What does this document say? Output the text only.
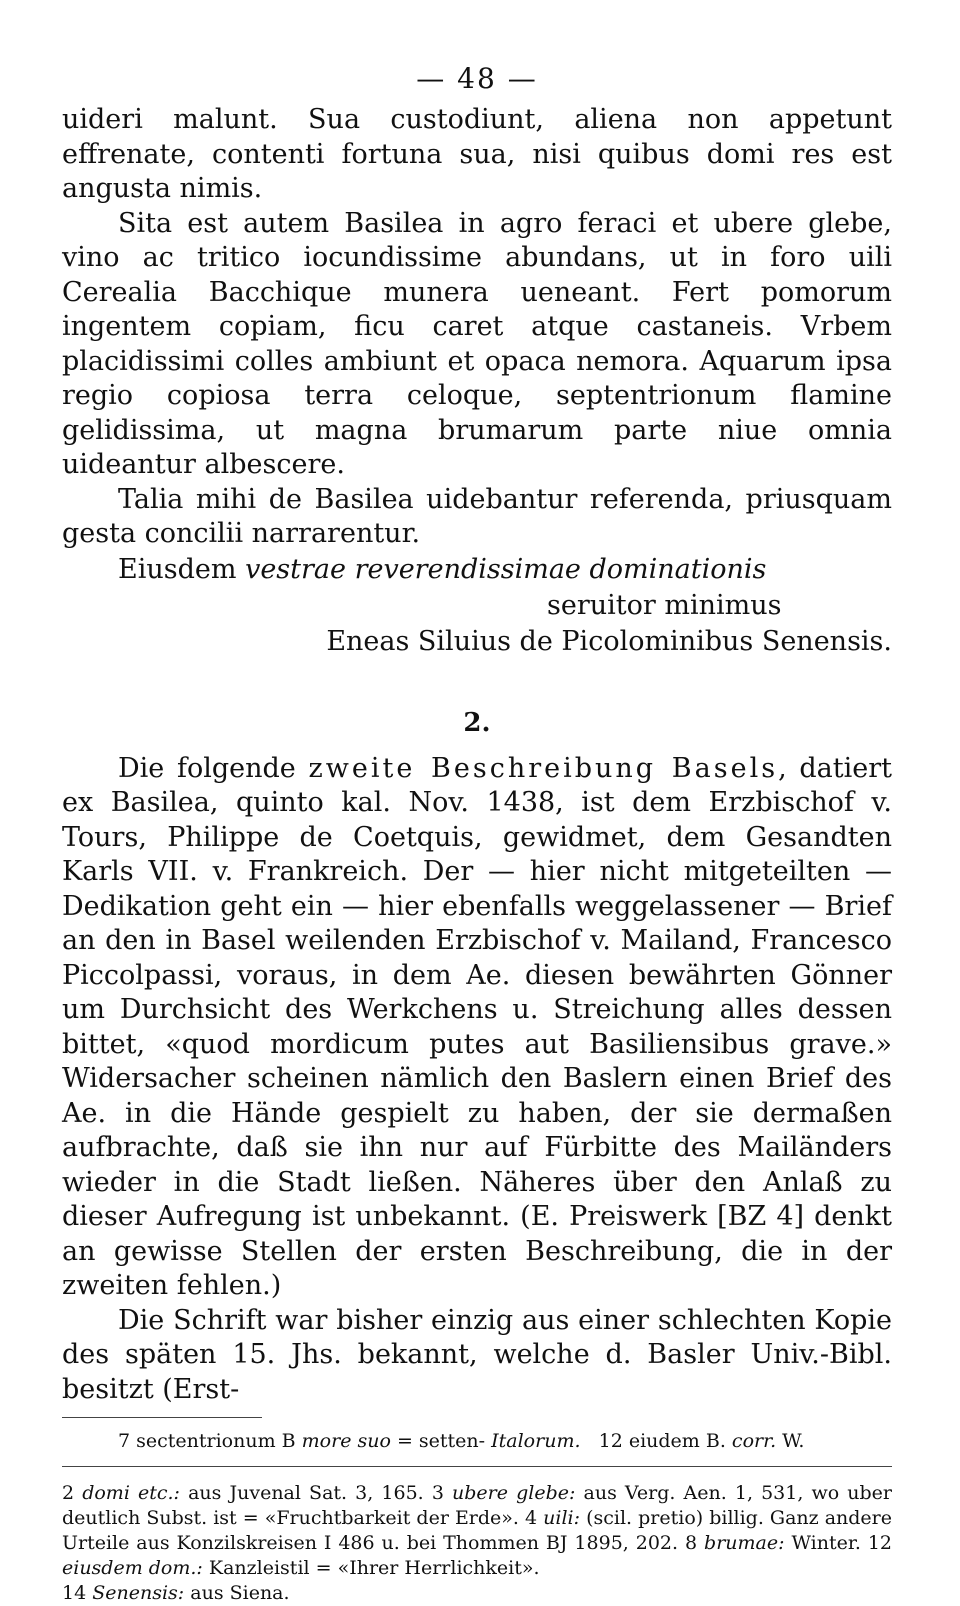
— 48 —

uideri malunt. Sua custodiunt, aliena non appetunt effrenate, contenti fortuna sua, nisi quibus domi res est angusta nimis.

Sita est autem Basilea in agro feraci et ubere glebe, vino ac tritico iocundissime abundans, ut in foro uili Cerealia Bacchique munera ueneant. Fert pomorum ingentem copiam, ficu caret atque castaneis. Vrbem placidissimi colles ambiunt et opaca nemora. Aquarum ipsa regio copiosa terra celoque, septentrionum flamine gelidissima, ut magna brumarum parte niue omnia uideantur albescere.

Talia mihi de Basilea uidebantur referenda, priusquam gesta concilii narrarentur.

Eiusdem vestrae reverendissimae dominationis
seruitor minimus
Eneas Siluius de Picolominibus Senensis.
2.

Die folgende zweite Beschreibung Basels, datiert ex Basilea, quinto kal. Nov. 1438, ist dem Erzbischof v. Tours, Philippe de Coetquis, gewidmet, dem Gesandten Karls VII. v. Frankreich. Der — hier nicht mitgeteilten — Dedikation geht ein — hier ebenfalls weggelassener — Brief an den in Basel weilenden Erzbischof v. Mailand, Francesco Piccolpassi, voraus, in dem Ae. diesen bewährten Gönner um Durchsicht des Werkchens u. Streichung alles dessen bittet, «quod mordicum putes aut Basiliensibus grave.» Widersacher scheinen nämlich den Baslern einen Brief des Ae. in die Hände gespielt zu haben, der sie dermaßen aufbrachte, daß sie ihn nur auf Fürbitte des Mailänders wieder in die Stadt ließen. Näheres über den Anlaß zu dieser Aufregung ist unbekannt. (E. Preiswerk [BZ 4] denkt an gewisse Stellen der ersten Beschreibung, die in der zweiten fehlen.)

Die Schrift war bisher einzig aus einer schlechten Kopie des späten 15. Jhs. bekannt, welche d. Basler Univ.-Bibl. besitzt (Erst-

7 sectentrionum B more suo = setten- Italorum. 12 eiudem B. corr. W.
2 domi etc.: aus Juvenal Sat. 3, 165. 3 ubere glebe: aus Verg. Aen. 1, 531, wo uber deutlich Subst. ist = «Fruchtbarkeit der Erde». 4 uili: (scil. pretio) billig. Ganz andere Urteile aus Konzilskreisen I 486 u. bei Thommen BJ 1895, 202. 8 brumae: Winter. 12 eiusdem dom.: Kanzleistil = «Ihrer Herrlichkeit».
14 Senensis: aus Siena.
